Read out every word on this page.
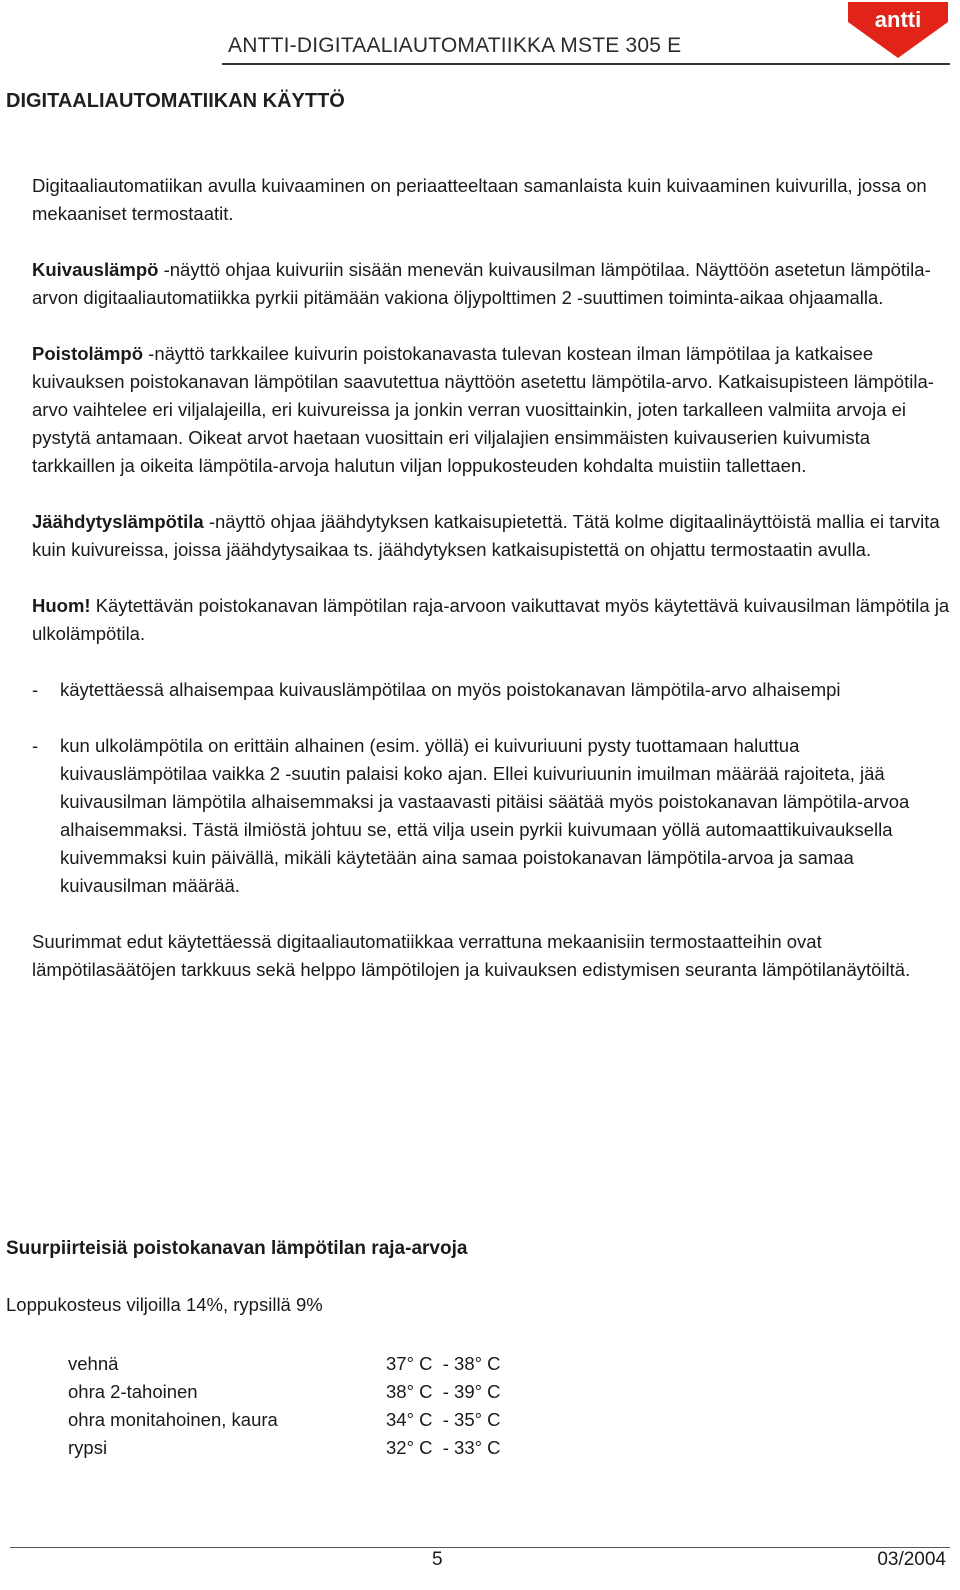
ANTTI-DIGITAALIAUTOMATIIKKA MSTE 305 E
antti
DIGITAALIAUTOMATIIKAN KÄYTTÖ

Digitaaliautomatiikan avulla kuivaaminen on periaatteeltaan samanlaista kuin kuivaaminen kuivurilla, jossa on mekaaniset termostaatit.

Kuivauslämpö -näyttö ohjaa kuivuriin sisään menevän kuivausilman lämpötilaa. Näyttöön asetetun lämpötila-arvon digitaaliautomatiikka pyrkii pitämään vakiona öljypolttimen 2 -suuttimen toiminta-aikaa ohjaamalla.

Poistolämpö -näyttö tarkkailee kuivurin poistokanavasta tulevan kostean ilman lämpötilaa ja katkaisee kuivauksen poistokanavan lämpötilan saavutettua näyttöön asetettu lämpötila-arvo. Katkaisupisteen lämpötila-arvo vaihtelee eri viljalajeilla, eri kuivureissa ja jonkin verran vuosittainkin, joten tarkalleen valmiita arvoja ei pystytä antamaan. Oikeat arvot haetaan vuosittain eri viljalajien ensimmäisten kuivauserien kuivumista tarkkaillen ja oikeita lämpötila-arvoja halutun viljan loppukosteuden kohdalta muistiin tallettaen.

Jäähdytyslämpötila -näyttö ohjaa jäähdytyksen katkaisupietettä. Tätä kolme digitaalinäyttöistä mallia ei tarvita kuin kuivureissa, joissa jäähdytysaikaa ts. jäähdytyksen katkaisupistettä on ohjattu termostaatin avulla.

Huom! Käytettävän poistokanavan lämpötilan raja-arvoon vaikuttavat myös käytettävä kuivausilman lämpötila ja ulkolämpötila.

-	käytettäessä alhaisempaa kuivauslämpötilaa on myös poistokanavan lämpötila-arvo alhaisempi
-	kun ulkolämpötila on erittäin alhainen (esim. yöllä) ei kuivuriuuni pysty tuottamaan haluttua kuivauslämpötilaa vaikka 2 -suutin palaisi koko ajan. Ellei kuivuriuunin imuilman määrää rajoiteta, jää kuivausilman lämpötila alhaisemmaksi ja vastaavasti pitäisi säätää myös poistokanavan lämpötila-arvoa alhaisemmaksi. Tästä ilmiöstä johtuu se, että vilja usein pyrkii kuivumaan yöllä automaattikuivauksella kuivemmaksi kuin päivällä, mikäli käytetään aina samaa poistokanavan lämpötila-arvoa ja samaa kuivausilman määrää.

Suurimmat edut käytettäessä digitaaliautomatiikkaa verrattuna mekaanisiin termostaatteihin ovat lämpötilasäätöjen tarkkuus sekä helppo lämpötilojen ja kuivauksen edistymisen seuranta lämpötilanäytöiltä.

Suurpiirteisiä poistokanavan lämpötilan raja-arvoja
Loppukosteus viljoilla 14%, rypsillä 9%
vehnä	37° C  - 38° C
ohra 2-tahoinen	38° C  - 39° C
ohra monitahoinen, kaura	34° C  - 35° C
rypsi	32° C  - 33° C
5	03/2004
